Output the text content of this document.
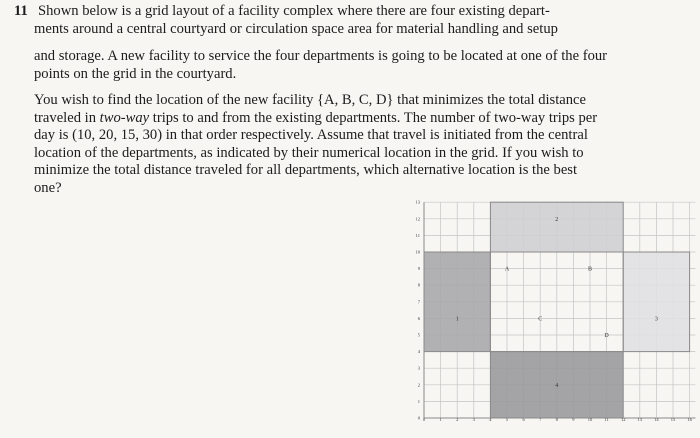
11 Shown below is a grid layout of a facility complex where there are four existing depart-
ments around a central courtyard or circulation space area for material handling and setup

and storage. A new facility to service the four departments is going to be located at one of the four points on the grid in the courtyard.

You wish to find the location of the new facility {A, B, C, D} that minimizes the total distance traveled in two-way trips to and from the existing departments. The number of two-way trips per day is (10, 20, 15, 30) in that order respectively. Assume that travel is initiated from the central location of the departments, as indicated by their numerical location in the grid. If you wish to minimize the total distance traveled for all departments, which alternative location is the best one?

1
2
3
4
A	B
C
D
0	1	2	3	4	5	6	7	8	9	10	11	12	13	14	15	16
0
1
2
3
4
5
6
7
8
9
10
11
12
13
